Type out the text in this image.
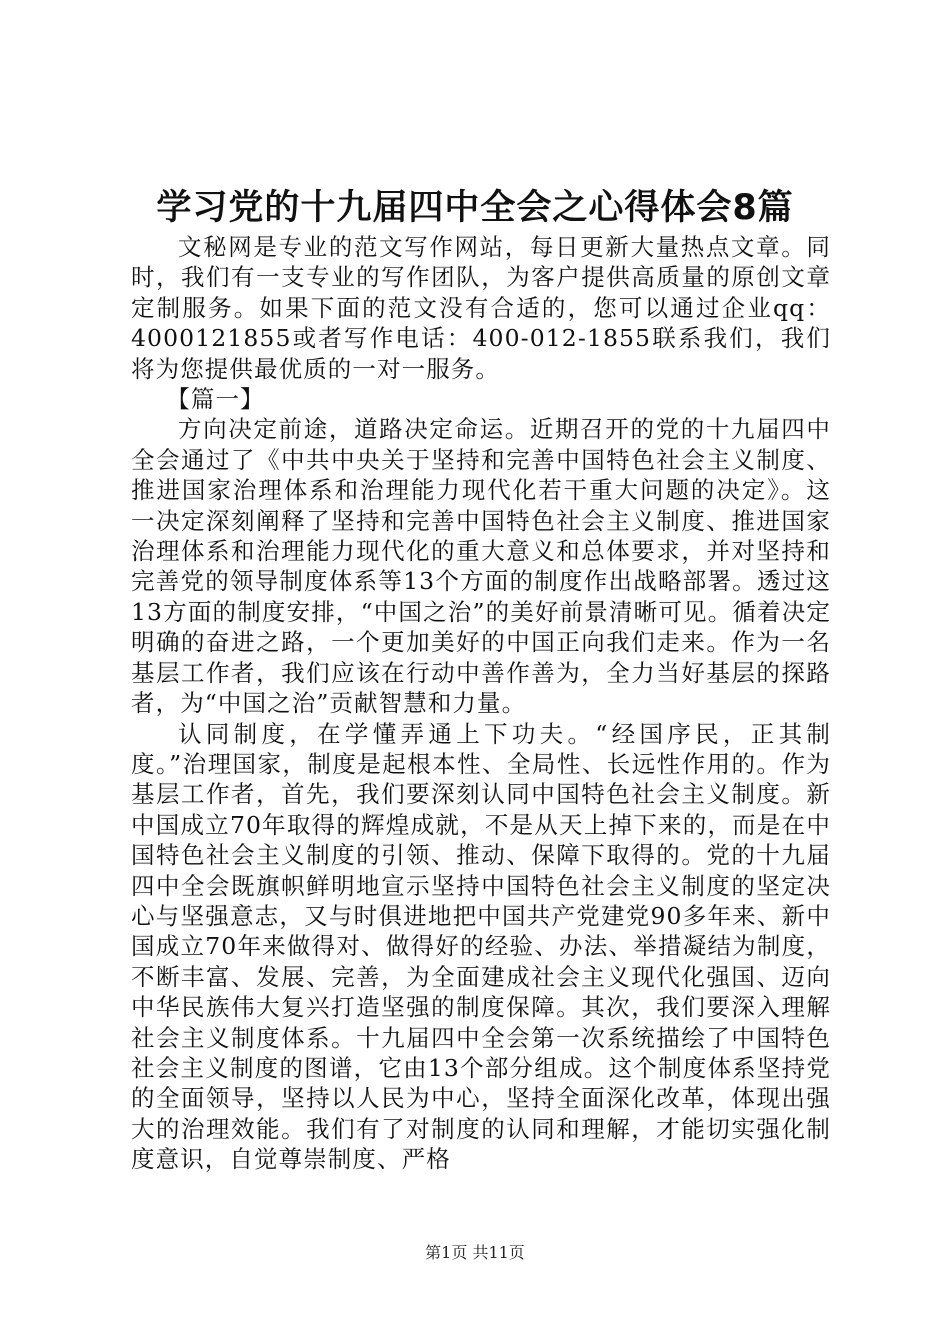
学习党的十九届四中全会之心得体会8篇

文秘网是专业的范文写作网站，每日更新大量热点文章。同时，我们有一支专业的写作团队，为客户提供高质量的原创文章定制服务。如果下面的范文没有合适的，您可以通过企业qq：4000121855或者写作电话：400-012-1855联系我们，我们将为您提供最优质的一对一服务。

【篇一】

方向决定前途，道路决定命运。近期召开的党的十九届四中全会通过了《中共中央关于坚持和完善中国特色社会主义制度、推进国家治理体系和治理能力现代化若干重大问题的决定》。这一决定深刻阐释了坚持和完善中国特色社会主义制度、推进国家治理体系和治理能力现代化的重大意义和总体要求，并对坚持和完善党的领导制度体系等13个方面的制度作出战略部署。透过这13方面的制度安排，“中国之治”的美好前景清晰可见。循着决定明确的奋进之路，一个更加美好的中国正向我们走来。作为一名基层工作者，我们应该在行动中善作善为，全力当好基层的探路者，为“中国之治”贡献智慧和力量。

认同制度，在学懂弄通上下功夫。“经国序民，正其制度。”治理国家，制度是起根本性、全局性、长远性作用的。作为基层工作者，首先，我们要深刻认同中国特色社会主义制度。新中国成立70年取得的辉煌成就，不是从天上掉下来的，而是在中国特色社会主义制度的引领、推动、保障下取得的。党的十九届四中全会既旗帜鲜明地宣示坚持中国特色社会主义制度的坚定决心与坚强意志，又与时俱进地把中国共产党建党90多年来、新中国成立70年来做得对、做得好的经验、办法、举措凝结为制度，不断丰富、发展、完善，为全面建成社会主义现代化强国、迈向中华民族伟大复兴打造坚强的制度保障。其次，我们要深入理解社会主义制度体系。十九届四中全会第一次系统描绘了中国特色社会主义制度的图谱，它由13个部分组成。这个制度体系坚持党的全面领导，坚持以人民为中心，坚持全面深化改革，体现出强大的治理效能。我们有了对制度的认同和理解，才能切实强化制度意识，自觉尊崇制度、严格

第1页 共11页
